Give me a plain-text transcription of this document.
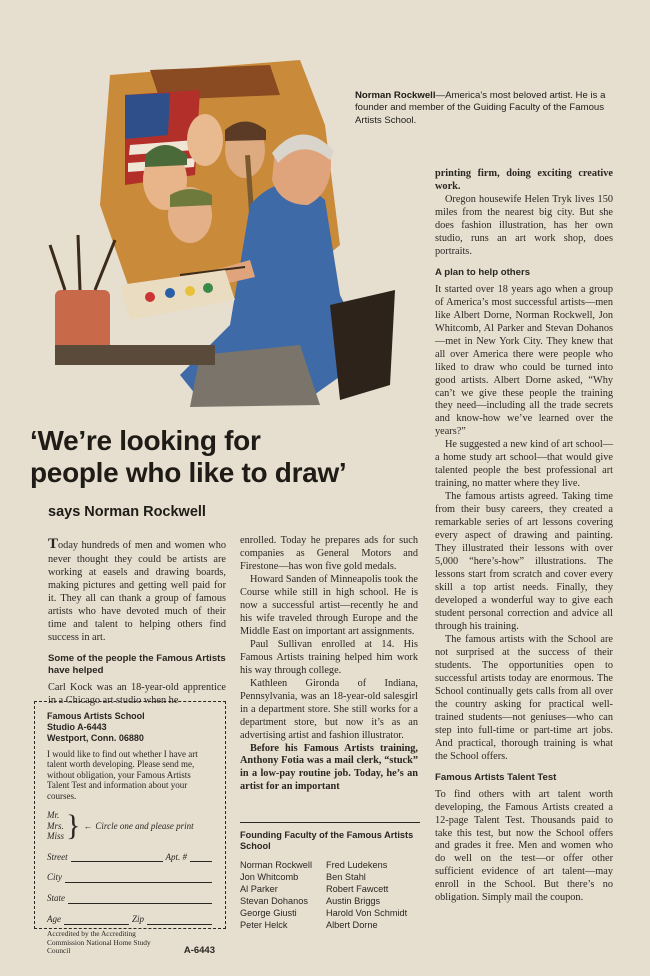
Norman Rockwell—America’s most beloved artist. He is a founder and member of the Guiding Faculty of the Famous Artists School.
‘We’re looking for
people who like to draw’
says Norman Rockwell

Today hundreds of men and women who never thought they could be artists are working at easels and drawing boards, making pictures and getting well paid for it. They all can thank a group of famous artists who have devoted much of their time and talent to helping others find success in art.

Some of the people the Famous Artists have helped

Carl Kock was an 18-year-old apprentice in a Chicago art studio when he

Famous Artists School
Studio A-6443
Westport, Conn. 06880
I would like to find out whether I have art talent worth developing. Please send me, without obligation, your Famous Artists Talent Test and information about your courses.
Mr.
Mrs.
Miss } ← Circle one and please print
Street	Apt. #
City
State
Age	Zip
Accredited by the Accrediting Commission National Home Study Council	A-6443

enrolled. Today he prepares ads for such companies as General Motors and Firestone—has won five gold medals.

Howard Sanden of Minneapolis took the Course while still in high school. He is now a successful artist—recently he and his wife traveled through Europe and the Middle East on important art assignments.

Paul Sullivan enrolled at 14. His Famous Artists training helped him work his way through college.

Kathleen Gironda of Indiana, Pennsylvania, was an 18-year-old salesgirl in a department store. She still works for a department store, but now it’s as an advertising artist and fashion illustrator.

Before his Famous Artists training, Anthony Fotia was a mail clerk, “stuck” in a low-pay routine job. Today, he’s an artist for an important

Founding Faculty of the Famous Artists School
Norman Rockwell	Fred Ludekens
Jon Whitcomb	Ben Stahl
Al Parker	Robert Fawcett
Stevan Dohanos	Austin Briggs
George Giusti	Harold Von Schmidt
Peter Helck	Albert Dorne

printing firm, doing exciting creative work.

Oregon housewife Helen Tryk lives 150 miles from the nearest big city. But she does fashion illustration, has her own studio, runs an art work shop, does portraits.

A plan to help others

It started over 18 years ago when a group of America’s most successful artists—men like Albert Dorne, Norman Rockwell, Jon Whitcomb, Al Parker and Stevan Dohanos—met in New York City. They knew that all over America there were people who liked to draw who could be turned into good artists. Albert Dorne asked, “Why can’t we give these people the training they need—including all the trade secrets and know-how we’ve learned over the years?”

He suggested a new kind of art school—a home study art school—that would give talented people the best professional art training, no matter where they live.

The famous artists agreed. Taking time from their busy careers, they created a remarkable series of art lessons covering every aspect of drawing and painting. They illustrated their lessons with over 5,000 “here’s-how” illustrations. The lessons start from scratch and cover every skill a top artist needs. Finally, they developed a wonderful way to give each student personal correction and advice all through his training.

The famous artists with the School are not surprised at the success of their students. The opportunities open to successful artists today are enormous. The School continually gets calls from all over the country asking for practical well-trained students—not geniuses—who can step into full-time or part-time art jobs. And practical, thorough training is what the School offers.

Famous Artists Talent Test

To find others with art talent worth developing, the Famous Artists created a 12-page Talent Test. Thousands paid to take this test, but now the School offers and grades it free. Men and women who do well on the test—or offer other sufficient evidence of art talent—may enroll in the School. But there’s no obligation. Simply mail the coupon.
